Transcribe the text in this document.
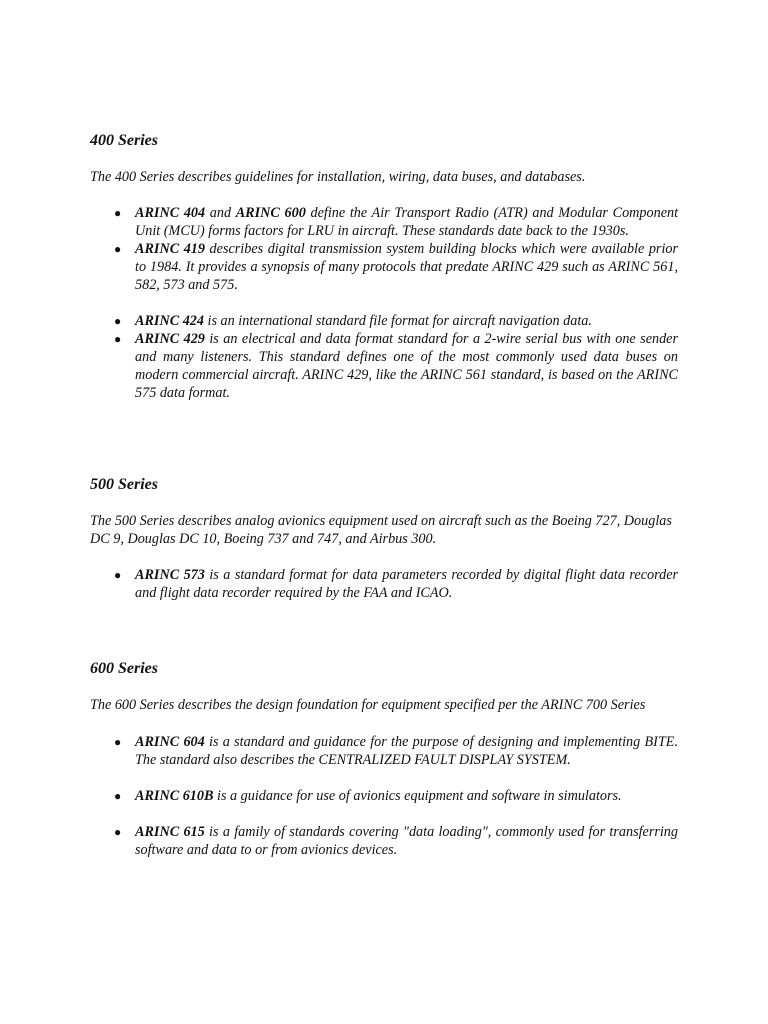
400 Series

The 400 Series describes guidelines for installation, wiring, data buses, and databases.

● ARINC 404 and ARINC 600 define the Air Transport Radio (ATR) and Modular Component Unit (MCU) forms factors for LRU in aircraft. These standards date back to the 1930s.
● ARINC 419 describes digital transmission system building blocks which were available prior to 1984. It provides a synopsis of many protocols that predate ARINC 429 such as ARINC 561, 582, 573 and 575.
● ARINC 424 is an international standard file format for aircraft navigation data.
● ARINC 429 is an electrical and data format standard for a 2-wire serial bus with one sender and many listeners. This standard defines one of the most commonly used data buses on modern commercial aircraft. ARINC 429, like the ARINC 561 standard, is based on the ARINC 575 data format.
500 Series

The 500 Series describes analog avionics equipment used on aircraft such as the Boeing 727, Douglas DC 9, Douglas DC 10, Boeing 737 and 747, and Airbus 300.

● ARINC 573 is a standard format for data parameters recorded by digital flight data recorder and flight data recorder required by the FAA and ICAO.
600 Series

The 600 Series describes the design foundation for equipment specified per the ARINC 700 Series

● ARINC 604 is a standard and guidance for the purpose of designing and implementing BITE. The standard also describes the CENTRALIZED FAULT DISPLAY SYSTEM.
● ARINC 610B is a guidance for use of avionics equipment and software in simulators.
● ARINC 615 is a family of standards covering "data loading", commonly used for transferring software and data to or from avionics devices.
